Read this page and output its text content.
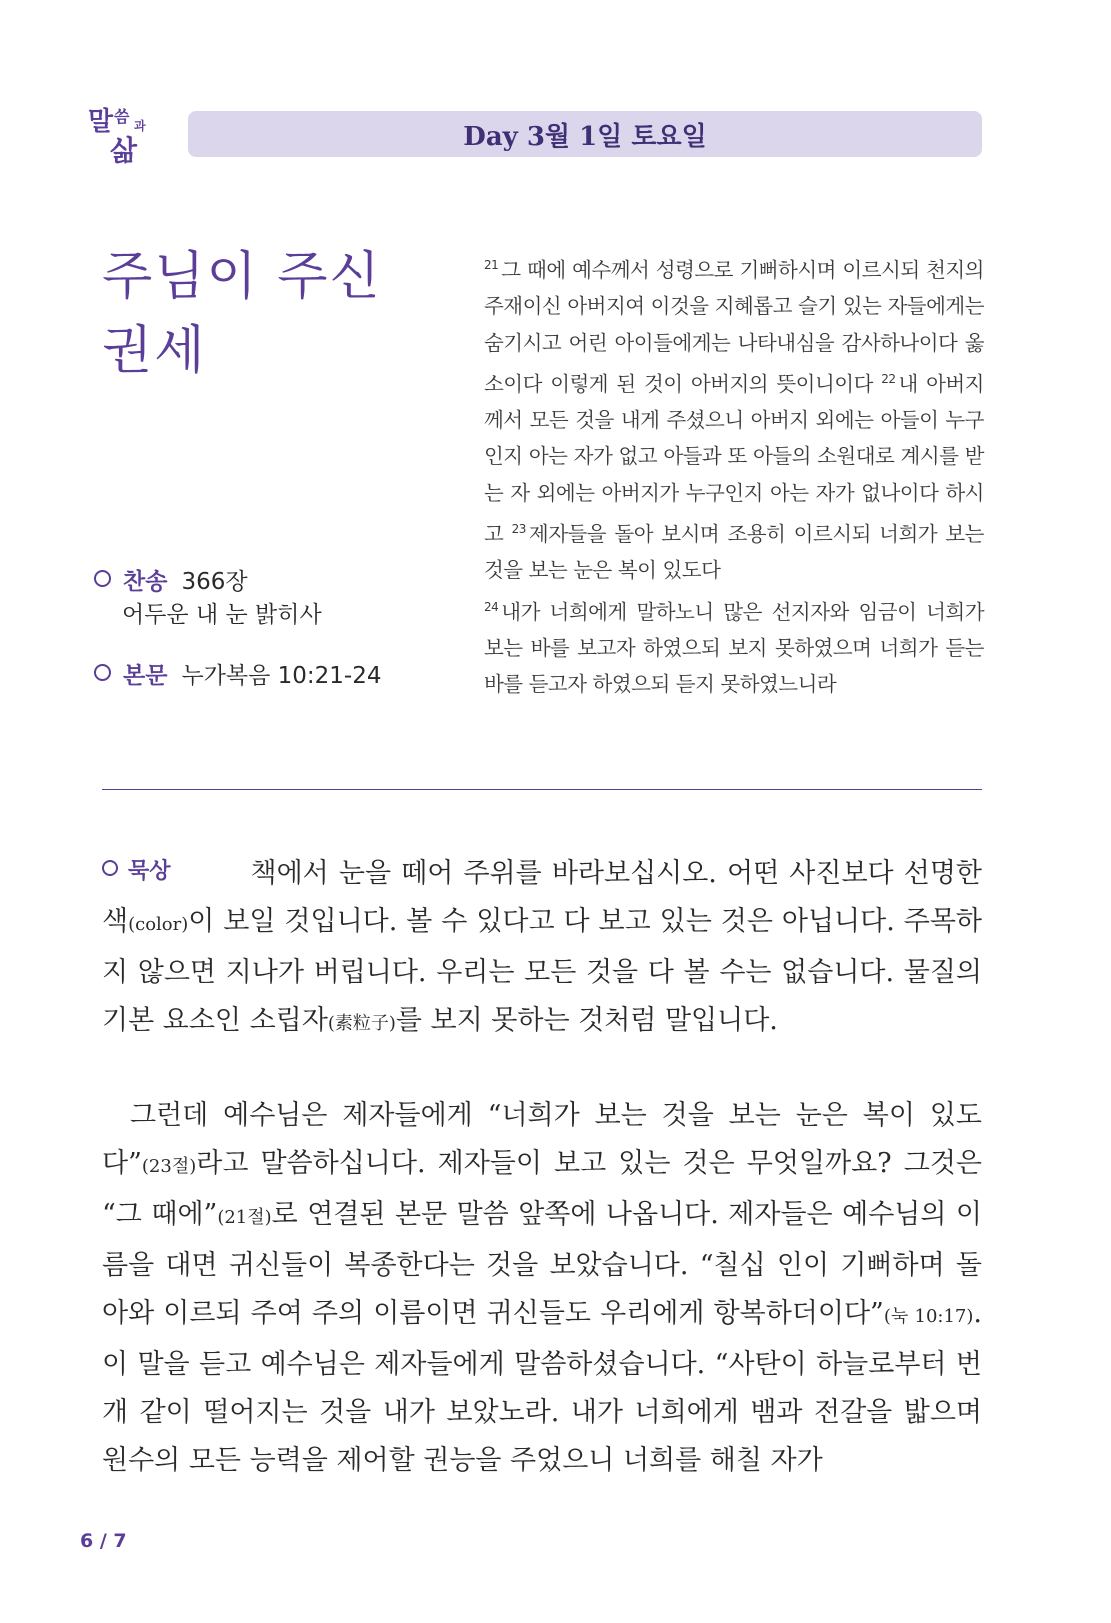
말 씀 과
삶	Day 3월 1일 토요일
주님이 주신
권세
$^{21}$ 그 때에 예수께서 성령으로 기뻐하시며 이르시되 천지의 주재이신 아버지여 이것을 지혜롭고 슬기 있는 자들에게는 숨기시고 어린 아이들에게는 나타내심을 감사하나이다 옳소이다 이렇게 된 것이 아버지의 뜻이니이다 $^{22}$ 내 아버지께서 모든 것을 내게 주셨으니 아버지 외에는 아들이 누구인지 아는 자가 없고 아들과 또 아들의 소원대로 계시를 받는 자 외에는 아버지가 누구인지 아는 자가 없나이다 하시고 $^{23}$ 제자들을 돌아 보시며 조용히 이르시되 너희가 보는 것을 보는 눈은 복이 있도다
$^{24}$ 내가 너희에게 말하노니 많은 선지자와 임금이 너희가 보는 바를 보고자 하였으되 보지 못하였으며 너희가 듣는 바를 듣고자 하였으되 듣지 못하였느니라
찬송 366장
어두운 내 눈 밝히사
본문 누가복음 10:21-24

묵상	책에서 눈을 떼어 주위를 바라보십시오. 어떤 사진보다 선명한 색(color)이 보일 것입니다. 볼 수 있다고 다 보고 있는 것은 아닙니다. 주목하지 않으면 지나가 버립니다. 우리는 모든 것을 다 볼 수는 없습니다. 물질의 기본 요소인 소립자(素粒子)를 보지 못하는 것처럼 말입니다.

그런데 예수님은 제자들에게 “너희가 보는 것을 보는 눈은 복이 있도다”(23절)라고 말씀하십니다. 제자들이 보고 있는 것은 무엇일까요? 그것은 “그 때에”(21절)로 연결된 본문 말씀 앞쪽에 나옵니다. 제자들은 예수님의 이름을 대면 귀신들이 복종한다는 것을 보았습니다. “칠십 인이 기뻐하며 돌아와 이르되 주여 주의 이름이면 귀신들도 우리에게 항복하더이다”(눅 10:17). 이 말을 듣고 예수님은 제자들에게 말씀하셨습니다. “사탄이 하늘로부터 번개 같이 떨어지는 것을 내가 보았노라. 내가 너희에게 뱀과 전갈을 밟으며 원수의 모든 능력을 제어할 권능을 주었으니 너희를 해칠 자가

6 / 7
